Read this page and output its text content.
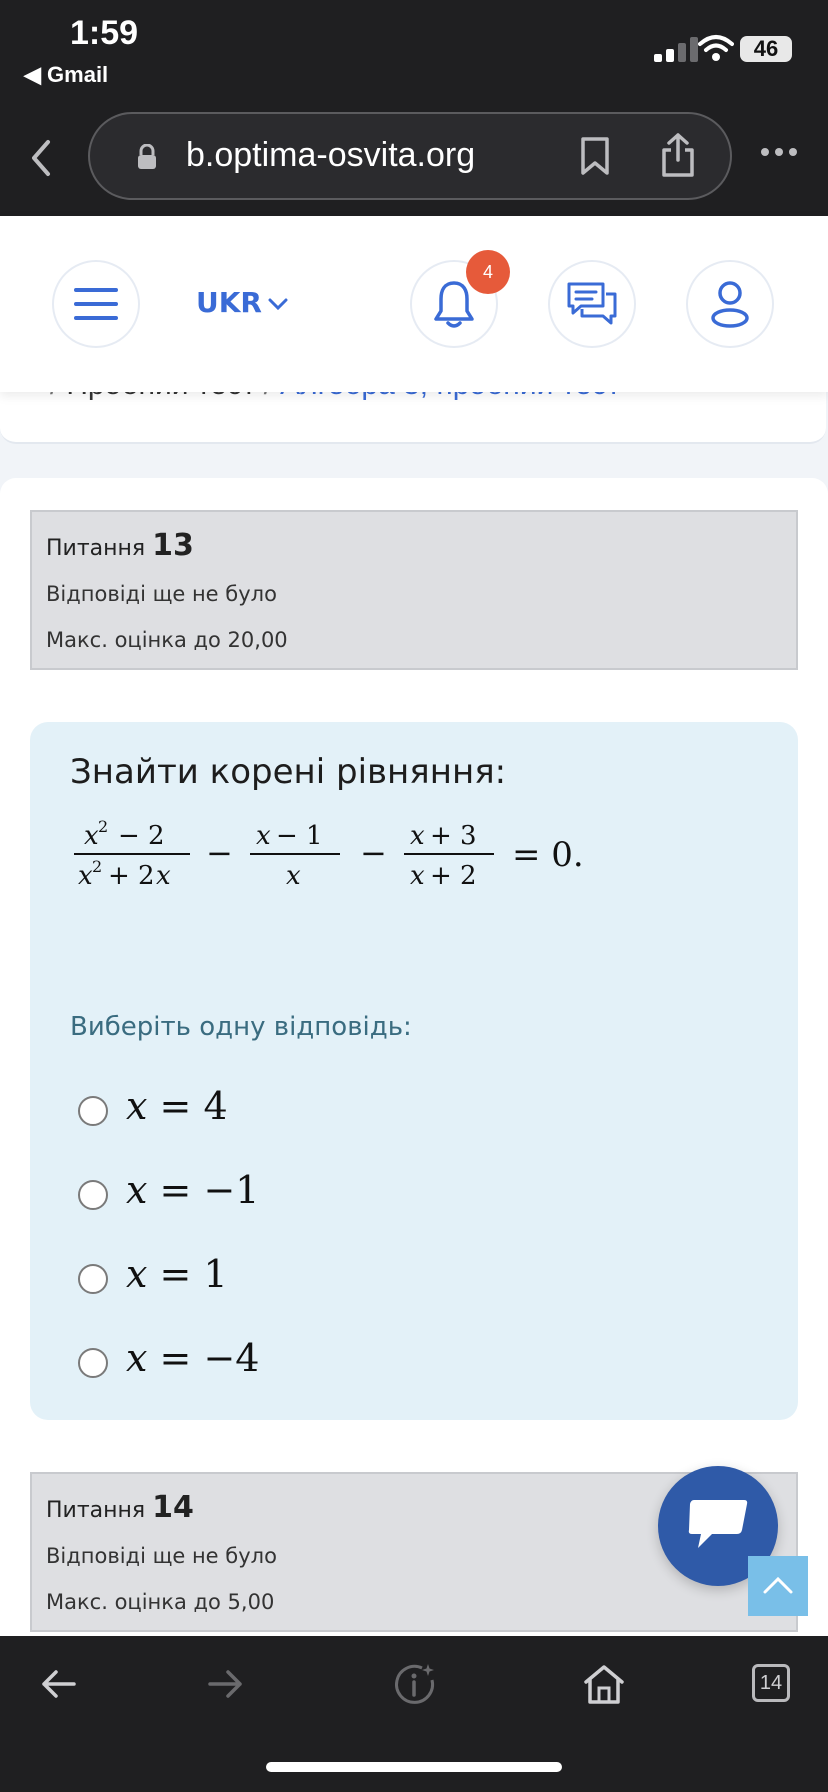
1:59
◀ Gmail
46
b.optima-osvita.org
UKR
4
Питання 13
Відповіді ще не було
Макс. оцінка до 20,00
Знайти корені рівняння:
x 2 − 2
x 2 + 2 x
− x − 1
x
− x + 3
x + 2
= 0.
Виберіть одну відповідь:
x = 4
x = −1
x = 1
x = −4
Питання 14
Відповіді ще не було
Макс. оцінка до 5,00
14
